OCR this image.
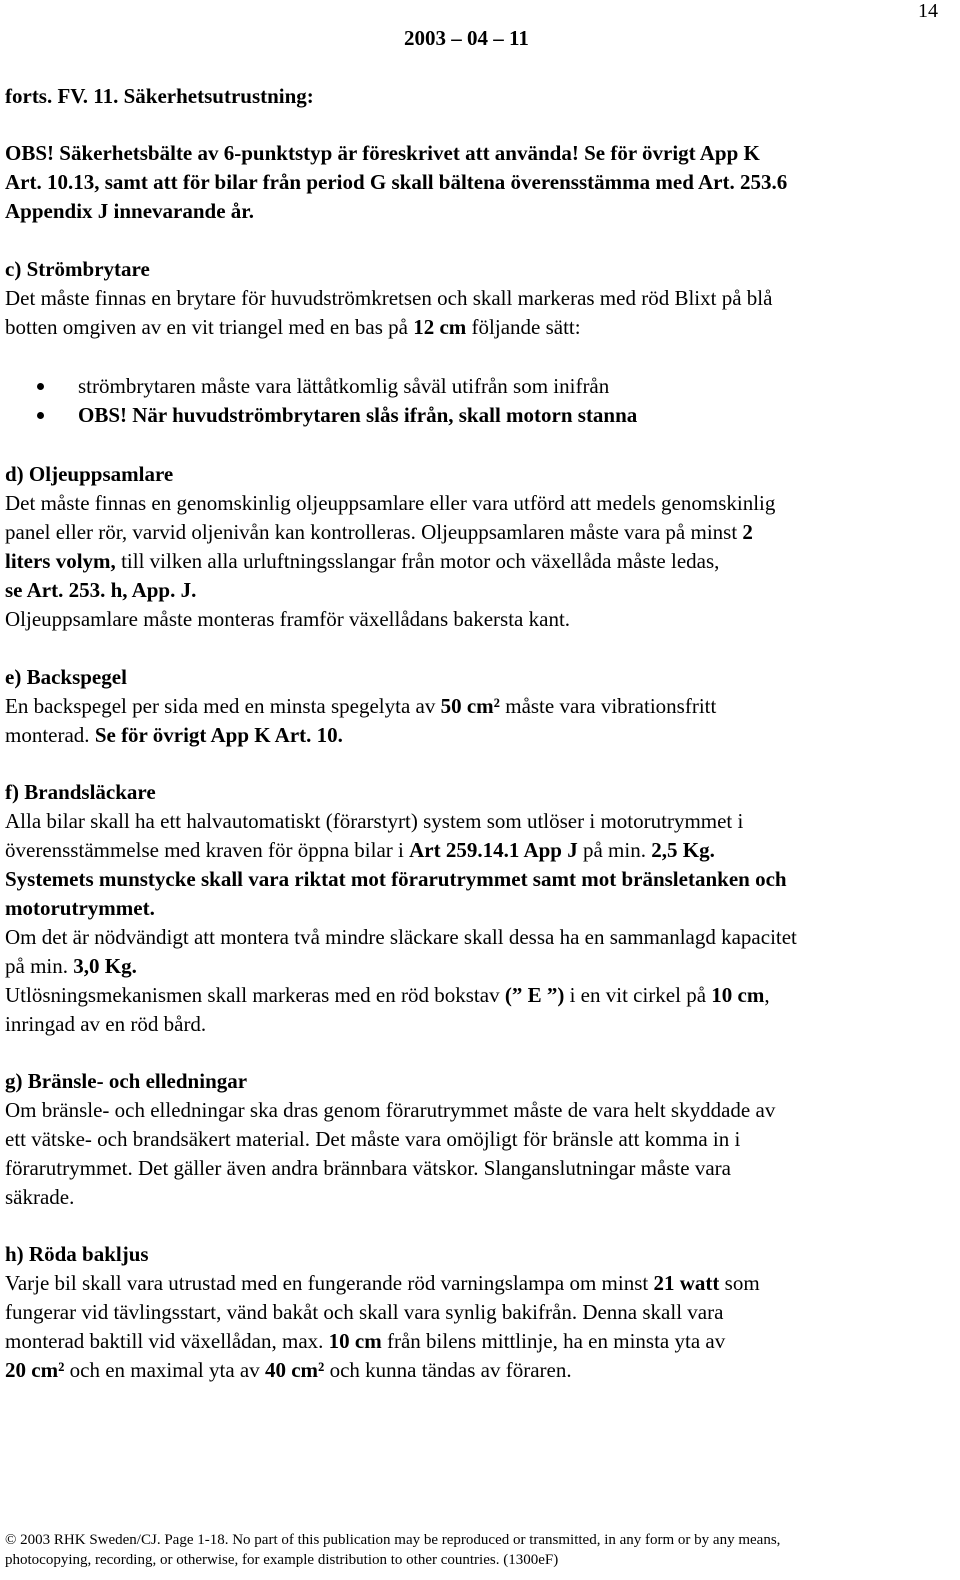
14
2003 – 04 – 11

forts. FV. 11. Säkerhetsutrustning:

OBS! Säkerhetsbälte av 6-punktstyp är föreskrivet att använda! Se för övrigt App K
Art. 10.13, samt att för bilar från period G skall bältena överensstämma med Art. 253.6
Appendix J innevarande år.
c) Strömbrytare
Det måste finnas en brytare för huvudströmkretsen och skall markeras med röd Blixt på blå
botten omgiven av en vit triangel med en bas på 12 cm följande sätt:
strömbrytaren måste vara lättåtkomlig såväl utifrån som inifrån
OBS! När huvudströmbrytaren slås ifrån, skall motorn stanna
d) Oljeuppsamlare
Det måste finnas en genomskinlig oljeuppsamlare eller vara utförd att medels genomskinlig
panel eller rör, varvid oljenivån kan kontrolleras. Oljeuppsamlaren måste vara på minst 2
liters volym, till vilken alla urluftningsslangar från motor och växellåda måste ledas,
se Art. 253. h, App. J.
Oljeuppsamlare måste monteras framför växellådans bakersta kant.
e) Backspegel
En backspegel per sida med en minsta spegelyta av 50 cm² måste vara vibrationsfritt
monterad. Se för övrigt App K Art. 10.
f) Brandsläckare
Alla bilar skall ha ett halvautomatiskt (förarstyrt) system som utlöser i motorutrymmet i
överensstämmelse med kraven för öppna bilar i Art 259.14.1 App J på min. 2,5 Kg.
Systemets munstycke skall vara riktat mot förarutrymmet samt mot bränsletanken och
motorutrymmet.
Om det är nödvändigt att montera två mindre släckare skall dessa ha en sammanlagd kapacitet
på min. 3,0 Kg.
Utlösningsmekanismen skall markeras med en röd bokstav (” E ”) i en vit cirkel på 10 cm,
inringad av en röd bård.
g) Bränsle- och elledningar
Om bränsle- och elledningar ska dras genom förarutrymmet måste de vara helt skyddade av
ett vätske- och brandsäkert material. Det måste vara omöjligt för bränsle att komma in i
förarutrymmet. Det gäller även andra brännbara vätskor. Slanganslutningar måste vara
säkrade.
h) Röda bakljus
Varje bil skall vara utrustad med en fungerande röd varningslampa om minst 21 watt som
fungerar vid tävlingsstart, vänd bakåt och skall vara synlig bakifrån. Denna skall vara
monterad baktill vid växellådan, max. 10 cm från bilens mittlinje, ha en minsta yta av
20 cm² och en maximal yta av 40 cm² och kunna tändas av föraren.
© 2003 RHK Sweden/CJ. Page 1-18. No part of this publication may be reproduced or transmitted, in any form or by any means,
photocopying, recording, or otherwise, for example distribution to other countries. (1300eF)
